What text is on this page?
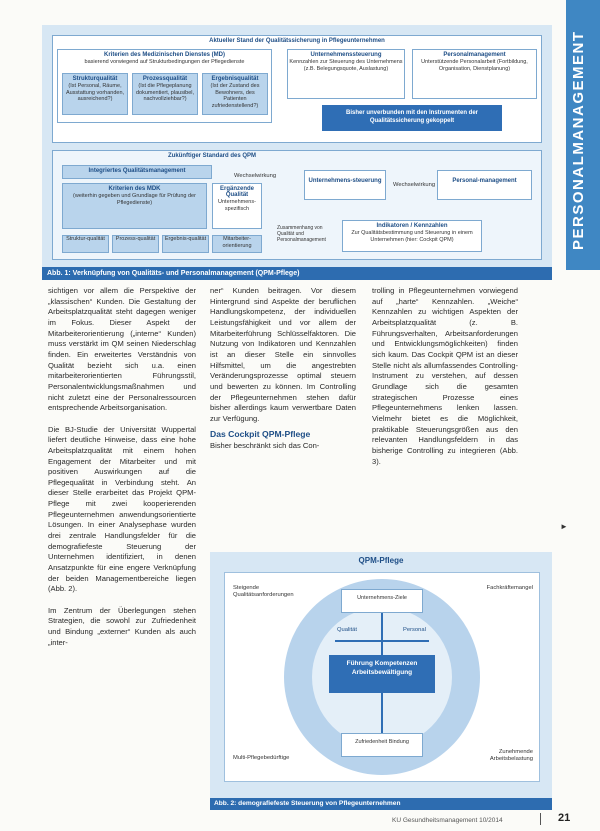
PERSONALMANAGEMENT
Aktueller Stand der Qualitätssicherung in Pflegeunternehmen
Kriterien des Medizinischen Dienstes (MD)
basierend vorwiegend auf Strukturbedingungen der Pflegedienste
Strukturqualität
(Ist Personal, Räume, Ausstattung vorhanden, ausreichend?)
Prozessqualität
(Ist die Pflegeplanung dokumentiert, plausibel, nachvollziehbar?)
Ergebnisqualität
(Ist der Zustand des Bewohners, des Patienten zufriedenstellend?)
Unternehmenssteuerung
Kennzahlen zur Steuerung des Unternehmens (z.B. Belegungsquote, Auslastung)
Personalmanagement
Unterstützende Personalarbeit (Fortbildung, Organisation, Dienstplanung)
Bisher unverbunden mit den Instrumenten der Qualitätssicherung gekoppelt
Zukünftiger Standard des QPM
Integriertes Qualitätsmanagement
Wechselwirkung
Kriterien des MDK
(weiterhin gegeben und Grundlage für Prüfung der Pflegedienste)
Ergänzende Qualität
Unternehmens-spezifisch
Struktur-qualität	Prozess-qualität	Ergebnis-qualität	Mitarbeiter-orientierung
Unternehmens-steuerung
Wechselwirkung
Personal-management
Zusammenhang von Qualität und Personalmanagement
Indikatoren / Kennzahlen
Zur Qualitätsbestimmung und Steuerung in einem Unternehmen (hier: Cockpit QPM)
Abb. 1: Verknüpfung von Qualitäts- und Personalmanagement (QPM-Pflege)

sichtigen vor allem die Perspektive der „klassischen“ Kunden. Die Gestaltung der Arbeitsplatzqualität steht dagegen weniger im Fokus. Dieser Aspekt der Mitarbeiterorientierung („interne“ Kunden) muss verstärkt im QM seinen Niederschlag finden. Ein erweitertes Verständnis von Qualität bezieht sich u.a. einen mitarbeiterorientierten Führungsstil, Personalentwicklungsmaßnahmen und nicht zuletzt eine der Personalressourcen entsprechende Arbeitsorganisation.

Die BJ-Studie der Universität Wuppertal liefert deutliche Hinweise, dass eine hohe Arbeitsplatzqualität mit einem hohen Engagement der Mitarbeiter und mit positiven Auswirkungen auf die Pflegequalität in Verbindung steht. An dieser Stelle erarbeitet das Projekt QPM-Pflege mit zwei kooperierenden Pflegeunternehmen anwendungsorientierte Lösungen. In einer Analysephase wurden drei zentrale Handlungsfelder für die demografiefeste Steuerung der Unternehmen identifiziert, in denen Ansatzpunkte für eine engere Verknüpfung der beiden Managementbereiche liegen (Abb. 2).

Im Zentrum der Überlegungen stehen Strategien, die sowohl zur Zufriedenheit und Bindung „externer“ Kunden als auch „inter-

ner“ Kunden beitragen. Vor diesem Hintergrund sind Aspekte der beruflichen Handlungskompetenz, der individuellen Leistungsfähigkeit und vor allem der Mitarbeiterführung Schlüsselfaktoren. Die Nutzung von Indikatoren und Kennzahlen ist an dieser Stelle ein sinnvolles Hilfsmittel, um die angestrebten Veränderungsprozesse optimal steuern und bewerten zu können. Im Controlling der Pflegeunternehmen stehen dafür bisher allerdings kaum verwertbare Daten zur Verfügung.

Das Cockpit QPM-Pflege

Bisher beschränkt sich das Con-

trolling in Pflegeunternehmen vorwiegend auf „harte“ Kennzahlen. „Weiche“ Kennzahlen zu wichtigen Aspekten der Arbeitsplatzqualität (z. B. Führungsverhalten, Arbeitsanforderungen und Entwicklungsmöglichkeiten) finden sich kaum. Das Cockpit QPM ist an dieser Stelle nicht als allumfassendes Controlling-Instrument zu verstehen, auf dessen Grundlage sich die gesamten strategischen Prozesse eines Pflegeunternehmens lenken lassen. Vielmehr bietet es die Möglichkeit, praktikable Steuerungsgrößen aus den relevanten Handlungsfeldern in das bisherige Controlling zu integrieren (Abb. 3).

►
QPM-Pflege
Unternehmens-Ziele
Führung Kompetenzen Arbeitsbewältigung
Zufriedenheit Bindung
Qualität	Personal
Steigende Qualitätsanforderungen
Fachkräftemangel
Multi-Pflegebedürftige
Zunehmende Arbeitsbelastung
Abb. 2: demografiefeste Steuerung von Pflegeunternehmen
KU Gesundheitsmanagement 10/2014	21
